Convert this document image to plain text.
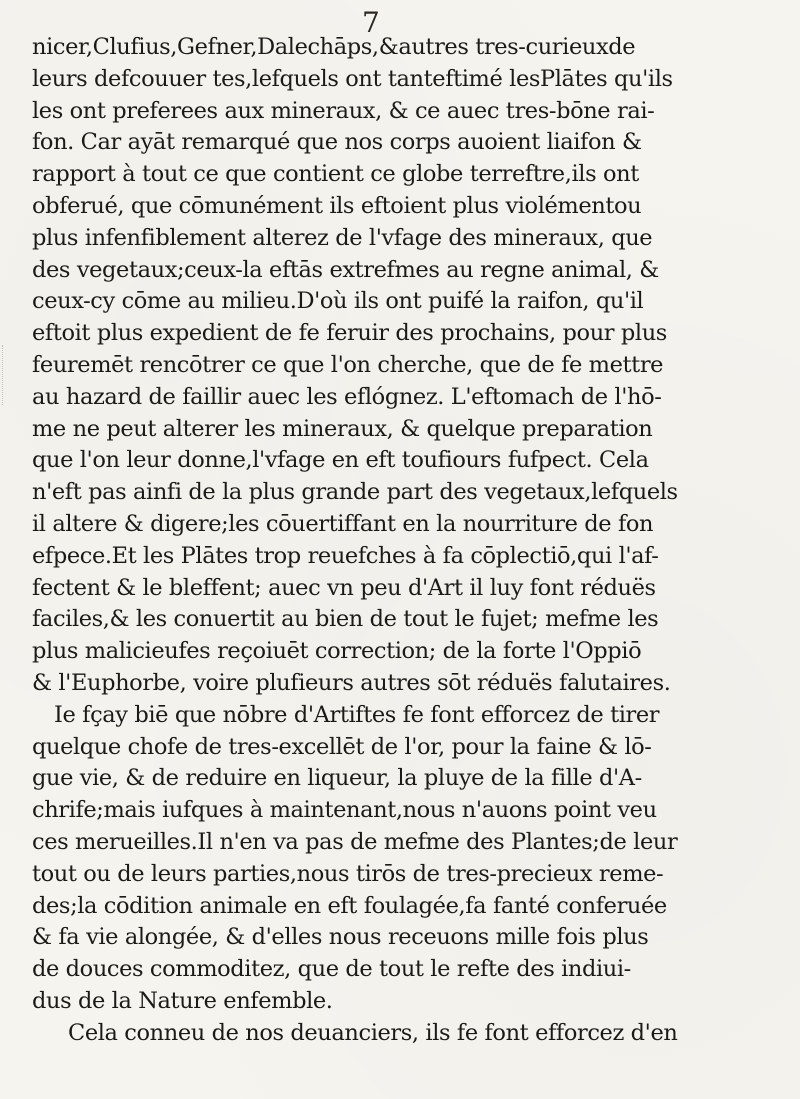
7
nicer,Clufius,Gefner,Dalechāps,&autres tres-curieuxde
leurs defcouuer tes,lefquels ont tanteftimé lesPlātes qu'ils
les ont preferees aux mineraux, & ce auec tres-bōne rai-
fon. Car ayāt remarqué que nos corps auoient liaifon &
rapport à tout ce que contient ce globe terreftre,ils ont
obferué, que cōmunément ils eftoient plus violémentou
plus infenfiblement alterez de l'vfage des mineraux, que
des vegetaux;ceux-la eftās extrefmes au regne animal, &
ceux-cy cōme au milieu.D'où ils ont puifé la raifon, qu'il
eftoit plus expedient de fe feruir des prochains, pour plus
feuremēt rencōtrer ce que l'on cherche, que de fe mettre
au hazard de faillir auec les eflógnez. L'eftomach de l'hō-
me ne peut alterer les mineraux, & quelque preparation
que l'on leur donne,l'vfage en eft toufiours fufpect. Cela
n'eft pas ainfi de la plus grande part des vegetaux,lefquels
il altere & digere;les cōuertiffant en la nourriture de fon
efpece.Et les Plātes trop reuefches à fa cōplectiō,qui l'af-
fectent & le bleffent; auec vn peu d'Art il luy font réduës
faciles,& les conuertit au bien de tout le fujet; mefme les
plus malicieufes reçoiuēt correction; de la forte l'Oppiō
& l'Euphorbe, voire plufieurs autres sōt réduës falutaires.
Ie fçay biē que nōbre d'Artiftes fe font efforcez de tirer
quelque chofe de tres-excellēt de l'or, pour la faine & lō-
gue vie, & de reduire en liqueur, la pluye de la fille d'A-
chrife;mais iufques à maintenant,nous n'auons point veu
ces merueilles.Il n'en va pas de mefme des Plantes;de leur
tout ou de leurs parties,nous tirōs de tres-precieux reme-
des;la cōdition animale en eft foulagée,fa fanté conferuée
& fa vie alongée, & d'elles nous receuons mille fois plus
de douces commoditez, que de tout le refte des indiui-
dus de la Nature enfemble.
Cela conneu de nos deuanciers, ils fe font efforcez d'en
